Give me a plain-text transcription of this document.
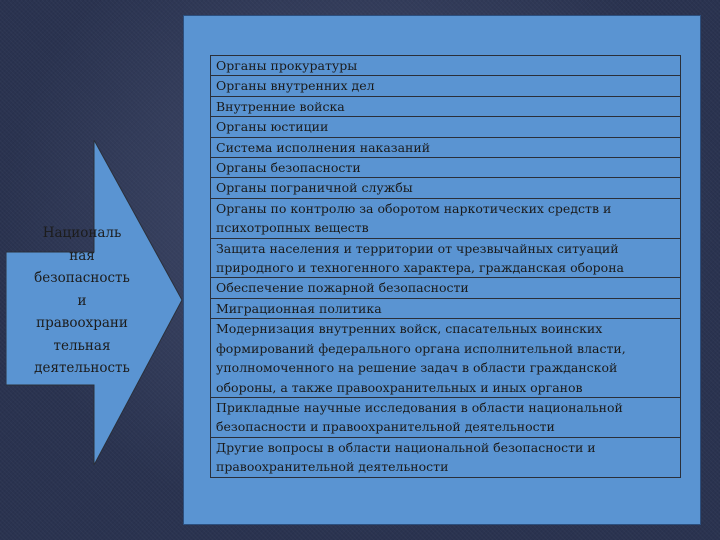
Националь
ная
безопасность
и
правоохрани
тельная
деятельность
Органы прокуратуры
Органы внутренних дел
Внутренние войска
Органы юстиции
Система исполнения наказаний
Органы безопасности
Органы пограничной службы
Органы по контролю за оборотом наркотических средств и
психотропных веществ
Защита населения и территории от чрезвычайных ситуаций
природного и техногенного характера, гражданская оборона
Обеспечение пожарной безопасности
Миграционная политика
Модернизация внутренних войск, спасательных воинских
формирований федерального органа исполнительной власти,
уполномоченного на решение задач в области гражданской
обороны, а также правоохранительных и иных органов
Прикладные научные исследования в области национальной
безопасности и правоохранительной деятельности
Другие вопросы в области национальной безопасности и
правоохранительной деятельности
